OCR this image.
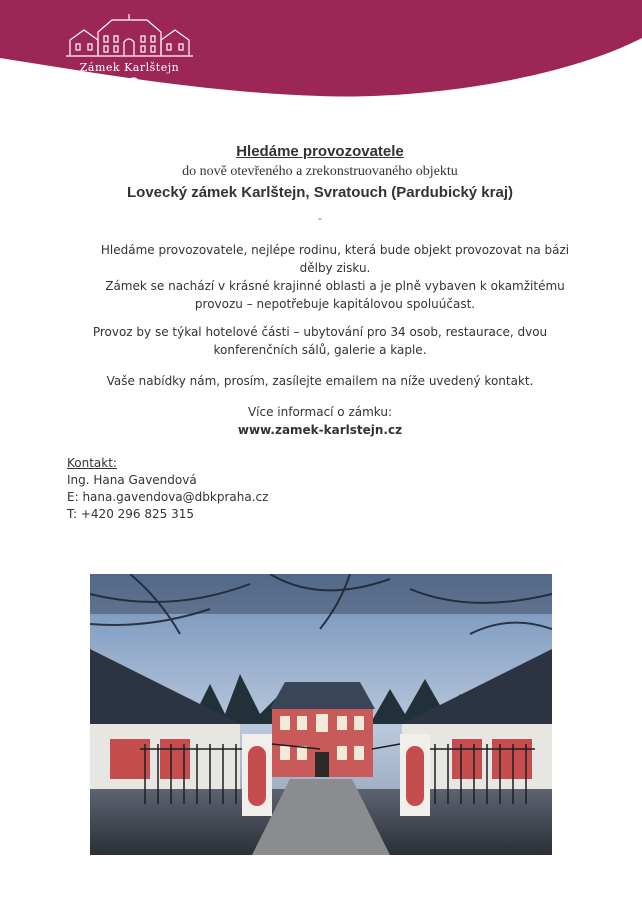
Zámek Karlštejn
Hledáme provozovatele
do nově otevřeného a zrekonstruovaného objektu
Lovecký zámek Karlštejn, Svratouch (Pardubický kraj)
-
Hledáme provozovatele, nejlépe rodinu, která bude objekt provozovat na bázi dělby zisku.
Zámek se nachází v krásné krajinné oblasti a je plně vybaven k okamžitému provozu – nepotřebuje kapitálovou spoluúčast.
Provoz by se týkal hotelové části – ubytování pro 34 osob, restaurace, dvou konferenčních sálů, galerie a kaple.
Vaše nabídky nám, prosím, zasílejte emailem na níže uvedený kontakt.
Více informací o zámku:
www.zamek-karlstejn.cz
Kontakt:
Ing. Hana Gavendová
E: hana.gavendova@dbkpraha.cz
T: +420 296 825 315
